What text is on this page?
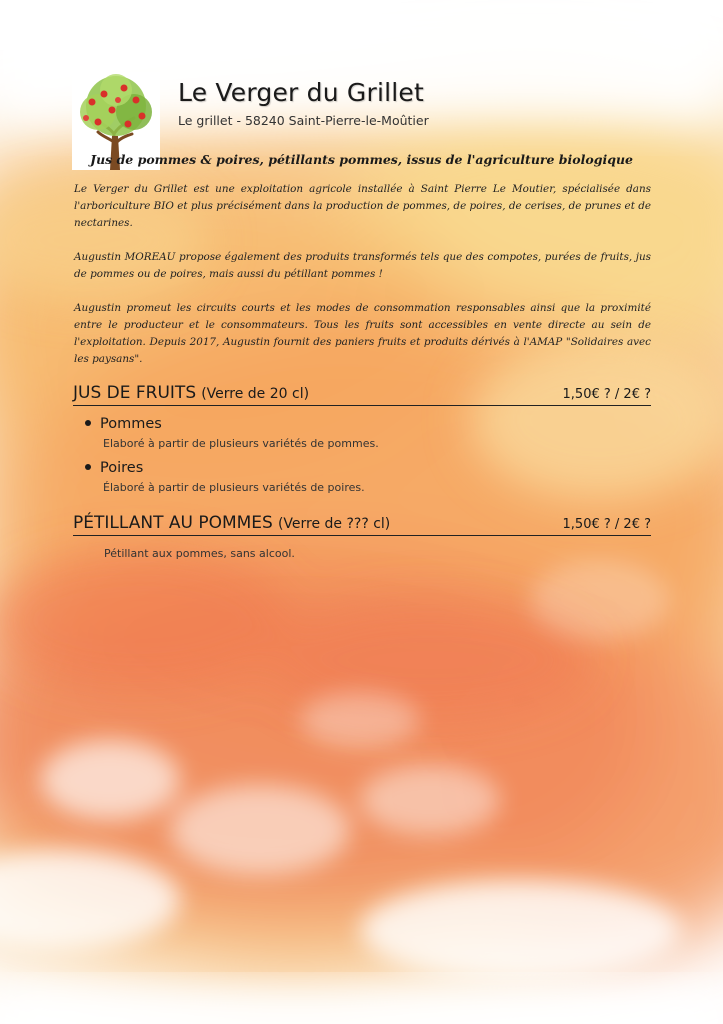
Le Verger du Grillet
Le grillet - 58240 Saint-Pierre-le-Moûtier
Jus de pommes & poires, pétillants pommes, issus de l'agriculture biologique

Le Verger du Grillet est une exploitation agricole installée à Saint Pierre Le Moutier, spécialisée dans l'arboriculture BIO et plus précisément dans la production de pommes, de poires, de cerises, de prunes et de nectarines.

Augustin MOREAU propose également des produits transformés tels que des compotes, purées de fruits, jus de pommes ou de poires, mais aussi du pétillant pommes !

Augustin promeut les circuits courts et les modes de consommation responsables ainsi que la proximité entre le producteur et le consommateurs. Tous les fruits sont accessibles en vente directe au sein de l'exploitation. Depuis 2017, Augustin fournit des paniers fruits et produits dérivés à l'AMAP "Solidaires avec les paysans".

JUS DE FRUITS (Verre de 20 cl)	1,50€ ? / 2€ ?
Pommes
Elaboré à partir de plusieurs variétés de pommes.
Poires
Élaboré à partir de plusieurs variétés de poires.
PÉTILLANT AU POMMES (Verre de ??? cl)	1,50€ ? / 2€ ?
Pétillant aux pommes, sans alcool.
